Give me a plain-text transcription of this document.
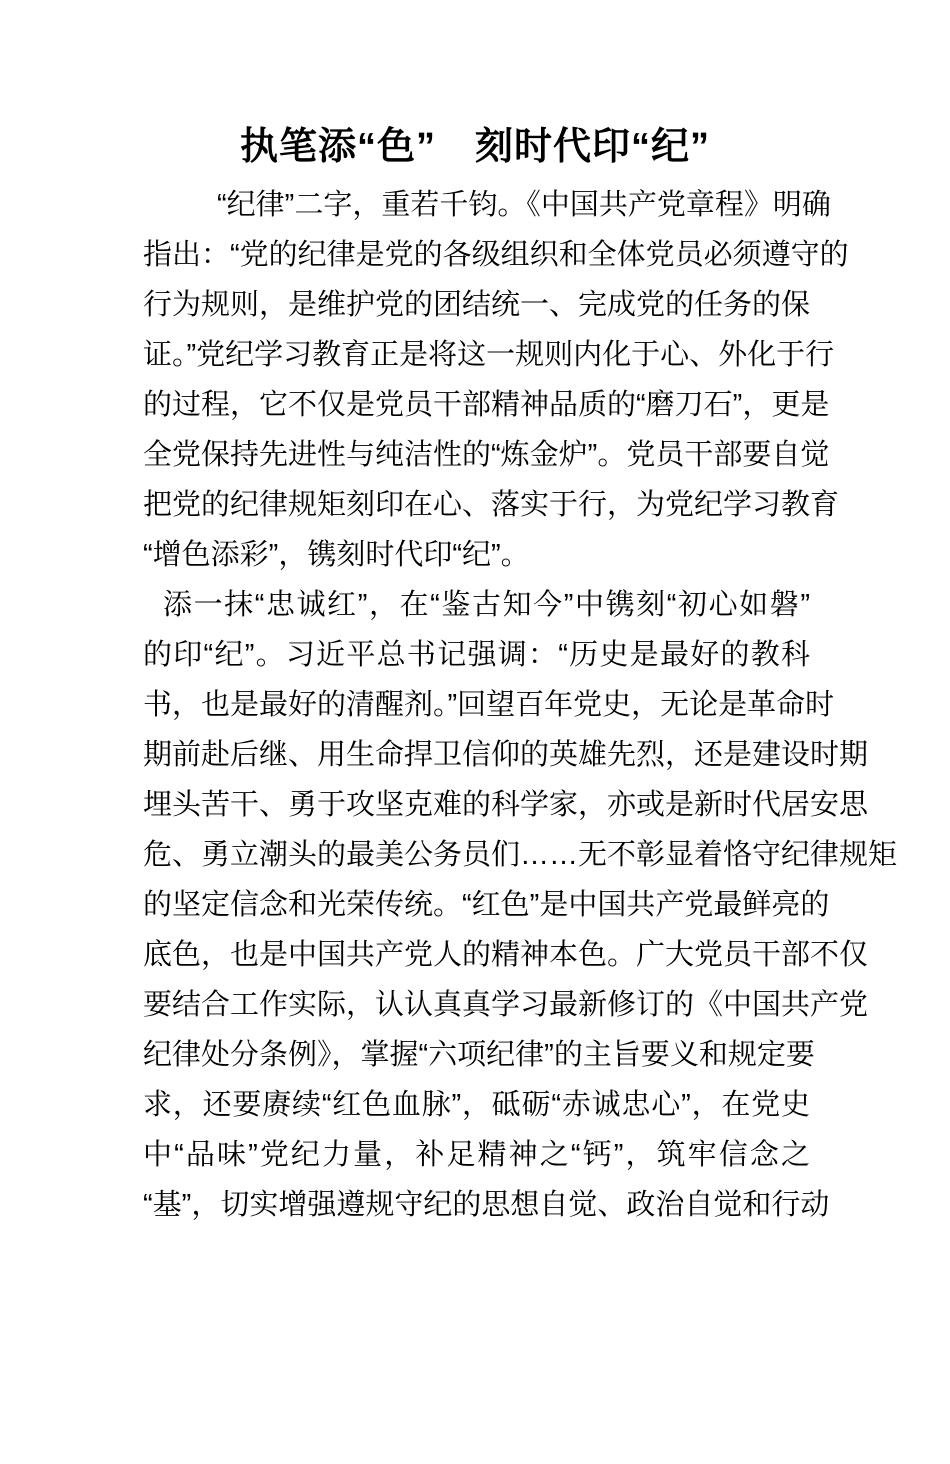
执笔添“色”　刻时代印“纪”
“纪律”二字，重若千钧。《中国共产党章程》明确
指出：“党的纪律是党的各级组织和全体党员必须遵守的
行为规则，是维护党的团结统一、完成党的任务的保
证。”党纪学习教育正是将这一规则内化于心、外化于行
的过程，它不仅是党员干部精神品质的“磨刀石”，更是
全党保持先进性与纯洁性的“炼金炉”。党员干部要自觉
把党的纪律规矩刻印在心、落实于行，为党纪学习教育
“增色添彩”，镌刻时代印“纪”。
添一抹“忠诚红”，在“鉴古知今”中镌刻“初心如磐”
的印“纪”。习近平总书记强调：“历史是最好的教科
书，也是最好的清醒剂。”回望百年党史，无论是革命时
期前赴后继、用生命捍卫信仰的英雄先烈，还是建设时期
埋头苦干、勇于攻坚克难的科学家，亦或是新时代居安思
危、勇立潮头的最美公务员们……无不彰显着恪守纪律规矩
的坚定信念和光荣传统。“红色”是中国共产党最鲜亮的
底色，也是中国共产党人的精神本色。广大党员干部不仅
要结合工作实际，认认真真学习最新修订的《中国共产党
纪律处分条例》，掌握“六项纪律”的主旨要义和规定要
求，还要赓续“红色血脉”，砥砺“赤诚忠心”，在党史
中“品味”党纪力量，补足精神之“钙”，筑牢信念之
“基”，切实增强遵规守纪的思想自觉、政治自觉和行动
